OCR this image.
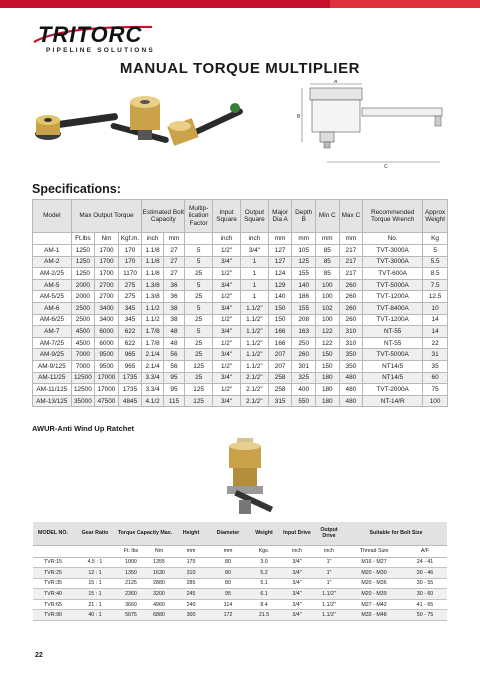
TRITORC
PIPELINE SOLUTIONS
MANUAL TORQUE MULTIPLIER
A
B
C
Specifications:
Model	Max Output Torque			Estimated Bolt Capacity		Multip-lication Factor	Input Square	Output Square	Major Dia A	Depth B	Min C	Max C	Recommended Torque Wrench	Approx Weight
	Ft.lbs	Nm	Kgf.m.	inch	mm		inch	inch	mm	mm	mm	mm	No.	Kg
AM-1	1250	1700	170	1.1/8	27	5	1/2"	3/4"	127	105	85	217	TVT-3000A	5
AM-2	1250	1700	170	1.1/8	27	5	3/4"	1	127	125	85	217	TVT-3000A	5.5
AM-2/25	1250	1700	1170	1.1/8	27	25	1/2"	1	124	155	85	217	TVT-600A	8.5
AM-5	2000	2700	275	1.3/8	36	5	3/4"	1	129	140	100	260	TVT-5000A	7.5
AM-5/25	2000	2700	275	1.3/8	36	25	1/2"	1	140	186	100	260	TVT-1200A	12.5
AM-6	2500	3400	345	1.1/2	38	5	3/4"	1.1/2"	150	155	102	260	TVT-8400A	10
AM-6/25	2500	3400	345	1.1/2	38	25	1/2"	1.1/2"	150	208	100	260	TVT-1200A	14
AM-7	4500	6000	622	1.7/8	48	5	3/4"	1.1/2"	166	163	122	310	NT-55	14
AM-7/25	4500	6000	622	1.7/8	48	25	1/2"	1.1/2"	166	250	122	310	NT-55	22
AM-9/25	7000	9500	965	2.1/4	56	25	3/4"	1.1/2"	207	260	150	350	TVT-5000A	31
AM-9/125	7000	9500	965	2.1/4	56	125	1/2"	1.1/2"	207	301	150	350	NT14/5	35
AM-11/25	12500	17000	1735	3.3/4	95	25	3/4"	2.1/2"	258	325	180	480	NT14/5	60
AM-11/125	12500	17000	1735	3.3/4	95	125	1/2"	2.1/2"	258	400	180	480	TVT-2000A	75
AM-13/125	35000	47500	4845	4.1/2	115	125	3/4"	2.1/2"	315	550	180	480	NT-14/R	100
AWUR-Anti Wind Up Ratchet
MODEL NO.	Gear Ratio	Torque Capacity Max.		Height	Diameter	Weight	Input Drive	Output Drive	Suitable for Bolt Size	
		Ft. lbs	Nm	mm	mm	Kgs.	inch	inch	Thread Size	A/F
TVR:15	4.5 : 1	1000	1355	175	80	3.0	3/4"	1"	M16 - M27	24 - 41
TVR:25	12 : 1	1350	1630	310	80	5.2	3/4"	1"	M20 - M30	30 - 46
TVR:35	15 : 1	2125	2880	285	80	5.1	3/4"	1"	M20 - M36	30 - 55
TVR:40	15 : 1	2360	3200	245	95	6.1	3/4"	1.1/2"	M20 - M39	30 - 60
TVR:65	21 : 1	3660	4960	240	114	8.4	3/4"	1.1/2"	M27 - M42	41 - 65
TVR:90	40 : 1	5075	6880	300	172	21.5	3/4"	1.1/2"	M33 - M48	50 - 75
22
